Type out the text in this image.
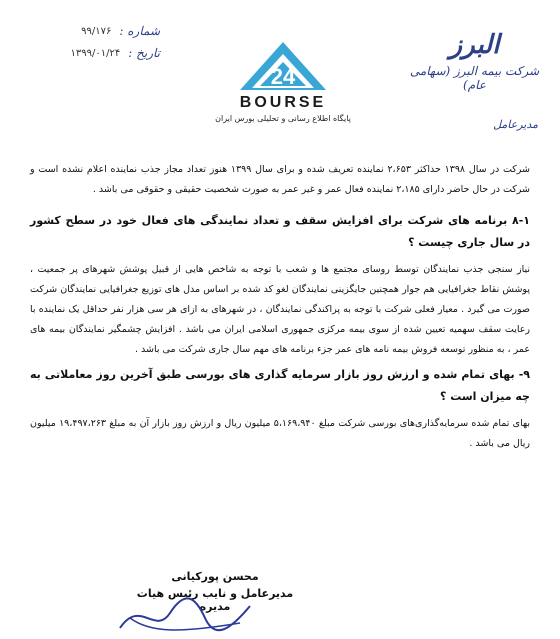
شماره :
۹۹/۱۷۶
تاریخ :
۱۳۹۹/۰۱/۲۴
24
BOURSE
پایگاه اطلاع رسانی و تحلیلی بورس ایران
البرز
شرکت بیمه البرز (سهامی عام)
مدیرعامل

شرکت در سال ۱۳۹۸ حداکثر ۲،۶۵۳ نماینده تعریف شده و برای سال ۱۳۹۹ هنوز تعداد مجاز جذب نماینده اعلام نشده است و شرکت در حال حاضر دارای ۲،۱۸۵ نماینده فعال عمر و غیر عمر به صورت شخصیت حقیقی و حقوقی می باشد .

۸-۱ برنامه های شرکت برای افزایش سقف و تعداد نمایندگی های فعال خود در سطح کشور در سال جاری چیست ؟

نیاز سنجی جذب نمایندگان توسط روسای مجتمع ها و شعب با توجه به شاخص هایی از قبیل پوشش شهرهای پر جمعیت ، پوشش نقاط جغرافیایی هم جوار همچنین جایگزینی نمایندگان لغو کد شده بر اساس مدل های توزیع جغرافیایی نمایندگان شرکت صورت می گیرد . معیار فعلی شرکت با توجه به پراکندگی نمایندگان ، در شهرهای به ازای هر سی هزار نفر حداقل یک نماینده با رعایت سقف سهمیه تعیین شده از سوی بیمه مرکزی جمهوری اسلامی ایران می باشد . افزایش چشمگیر نمایندگان بیمه های عمر ، به منظور توسعه فروش بیمه نامه های عمر جزء برنامه های مهم سال جاری شرکت می باشد .

۹- بهای تمام شده و ارزش روز بازار سرمایه گذاری های بورسی طبق آخرین روز معاملاتی به چه میزان است ؟

بهای تمام شده سرمایه‌گذاری‌های بورسی شرکت مبلغ ۵،۱۶۹،۹۴۰ میلیون ریال و ارزش روز بازار آن به مبلغ ۱۹،۴۹۷،۲۶۳ میلیون ریال می باشد .

محسن پورکیانی

مدیرعامل و نایب رئیس هیات مدیره
